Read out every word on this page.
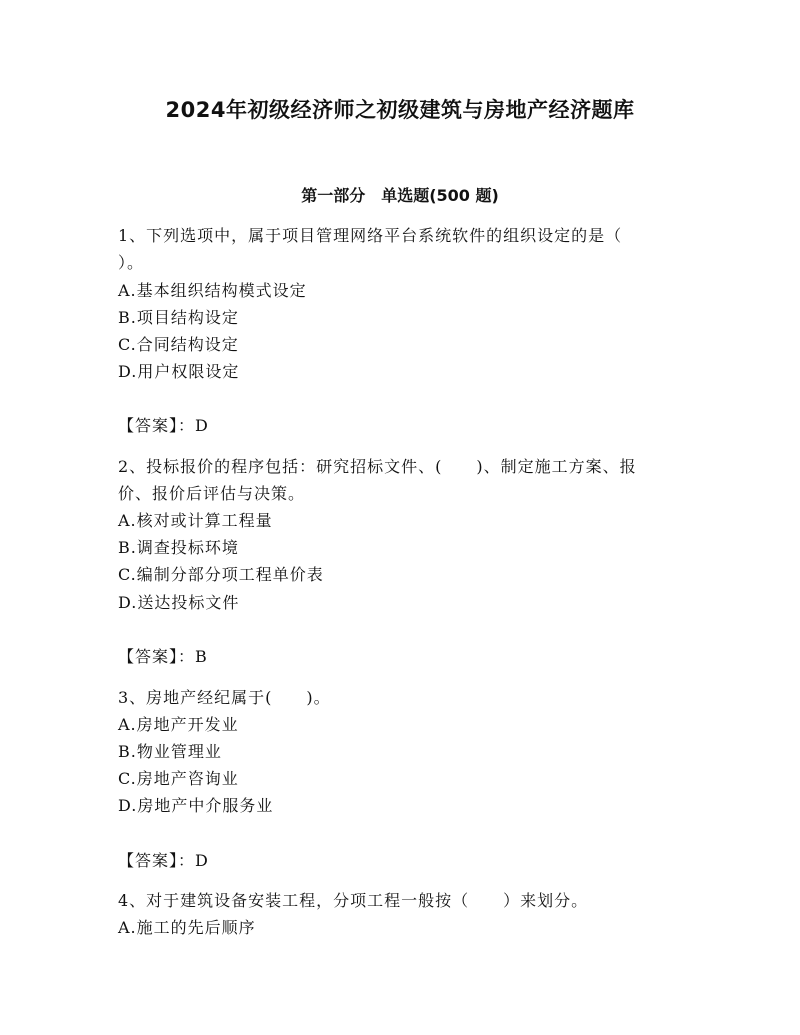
2024年初级经济师之初级建筑与房地产经济题库
第一部分　单选题(500 题)
1、下列选项中，属于项目管理网络平台系统软件的组织设定的是（
）。
A.基本组织结构模式设定
B.项目结构设定
C.合同结构设定
D.用户权限设定
【答案】：D
2、投标报价的程序包括：研究招标文件、(　　)、制定施工方案、报
价、报价后评估与决策。
A.核对或计算工程量
B.调查投标环境
C.编制分部分项工程单价表
D.送达投标文件
【答案】：B
3、房地产经纪属于(　　)。
A.房地产开发业
B.物业管理业
C.房地产咨询业
D.房地产中介服务业
【答案】：D
4、对于建筑设备安装工程，分项工程一般按（　　）来划分。
A.施工的先后顺序
